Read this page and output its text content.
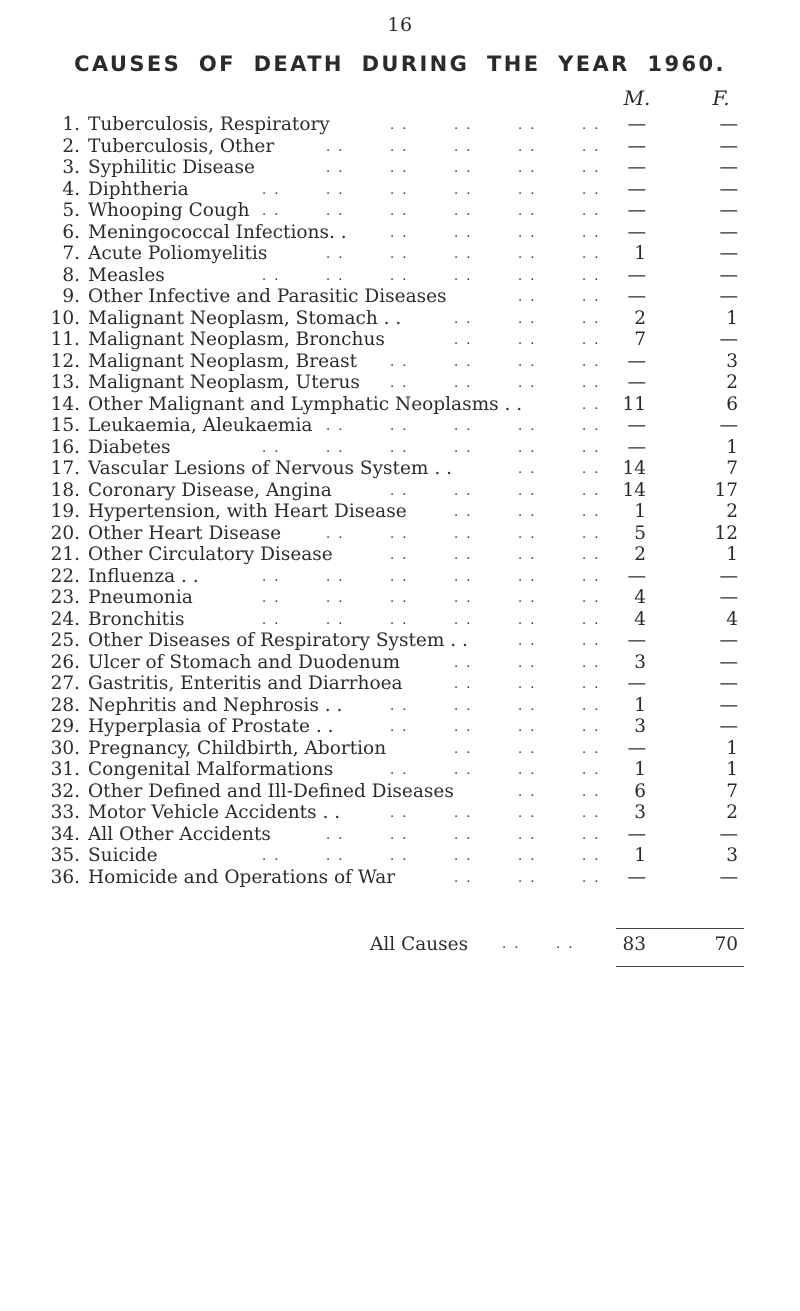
16
CAUSES OF DEATH DURING THE YEAR 1960.
M.	F.
1. Tuberculosis, Respiratory	. .	. .	. .	. .	—	—
2. Tuberculosis, Other	. .	. .	. .	. .	. .	—	—
3. Syphilitic Disease	. .	. .	. .	. .	. .	—	—
4. Diphtheria	. .	. .	. .	. .	. .	. .	—	—
5. Whooping Cough . .	. .	. .	. .	. .	. .	—	—
6. Meningococcal Infections. .	. .	. .	. .	. .	—	—
7. Acute Poliomyelitis	. .	. .	. .	. .	. .	1	—
8. Measles	. .	. .	. .	. .	. .	. .	—	—
9. Other Infective and Parasitic Diseases	. .	. .	—	—
10. Malignant Neoplasm, Stomach . .	. .	. .	. .	2	1
11. Malignant Neoplasm, Bronchus	. .	. .	. .	7	—
12. Malignant Neoplasm, Breast	. .	. .	. .	. .	—	3
13. Malignant Neoplasm, Uterus . .	. .	. .	. .	—	2
14. Other Malignant and Lymphatic Neoplasms . .	. .	11	6
15. Leukaemia, Aleukaemia . .	. .	. .	. .	. .	—	—
16. Diabetes	. .	. .	. .	. .	. .	. .	—	1
17. Vascular Lesions of Nervous System . .	. .	. .	14	7
18. Coronary Disease, Angina	. .	. .	. .	. .	14	17
19. Hypertension, with Heart Disease	. .	. .	. .	1	2
20. Other Heart Disease	. .	. .	. .	. .	. .	5	12
21. Other Circulatory Disease	. .	. .	. .	. .	2	1
22. Influenza . .	. .	. .	. .	. .	. .	. .	—	—
23. Pneumonia	. .	. .	. .	. .	. .	. .	4	—
24. Bronchitis	. .	. .	. .	. .	. .	. .	4	4
25. Other Diseases of Respiratory System . .	. .	. .	—	—
26. Ulcer of Stomach and Duodenum	. .	. .	. .	3	—
27. Gastritis, Enteritis and Diarrhoea	. .	. .	. .	—	—
28. Nephritis and Nephrosis . .	. .	. .	. .	. .	1	—
29. Hyperplasia of Prostate . .	. .	. .	. .	. .	3	—
30. Pregnancy, Childbirth, Abortion	. .	. .	. .	—	1
31. Congenital Malformations	. .	. .	. .	. .	1	1
32. Other Defined and Ill-Defined Diseases	. .	. .	6	7
33. Motor Vehicle Accidents . .	. .	. .	. .	. .	3	2
34. All Other Accidents	. .	. .	. .	. .	. .	—	—
35. Suicide	. .	. .	. .	. .	. .	. .	1	3
36. Homicide and Operations of War	. .	. .	. .	—	—
All Causes	. .	. .	83	70
